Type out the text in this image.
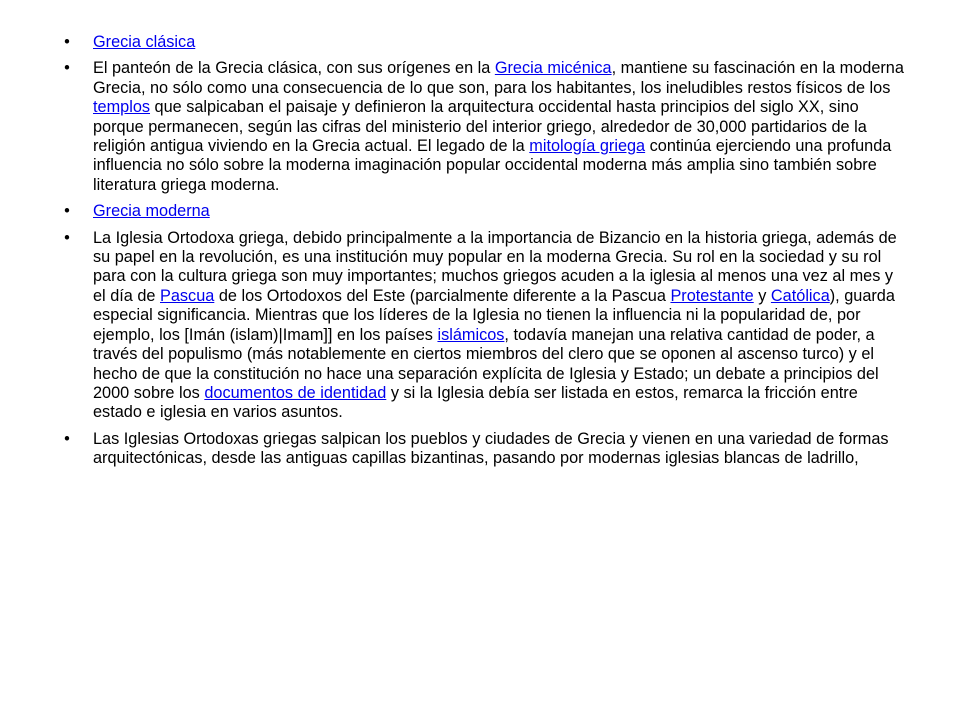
• Grecia clásica
• El panteón de la Grecia clásica, con sus orígenes en la Grecia micénica, mantiene su fascinación en la moderna Grecia, no sólo como una consecuencia de lo que son, para los habitantes, los ineludibles restos físicos de los templos que salpicaban el paisaje y definieron la arquitectura occidental hasta principios del siglo XX, sino porque permanecen, según las cifras del ministerio del interior griego, alrededor de 30,000 partidarios de la religión antigua viviendo en la Grecia actual. El legado de la mitología griega continúa ejerciendo una profunda influencia no sólo sobre la moderna imaginación popular occidental moderna más amplia sino también sobre literatura griega moderna.
• Grecia moderna
• La Iglesia Ortodoxa griega, debido principalmente a la importancia de Bizancio en la historia griega, además de su papel en la revolución, es una institución muy popular en la moderna Grecia. Su rol en la sociedad y su rol para con la cultura griega son muy importantes; muchos griegos acuden a la iglesia al menos una vez al mes y el día de Pascua de los Ortodoxos del Este (parcialmente diferente a la Pascua Protestante y Católica), guarda especial significancia. Mientras que los líderes de la Iglesia no tienen la influencia ni la popularidad de, por ejemplo, los [Imán (islam)|Imam]] en los países islámicos, todavía manejan una relativa cantidad de poder, a través del populismo (más notablemente en ciertos miembros del clero que se oponen al ascenso turco) y el hecho de que la constitución no hace una separación explícita de Iglesia y Estado; un debate a principios del 2000 sobre los documentos de identidad y si la Iglesia debía ser listada en estos, remarca la fricción entre estado e iglesia en varios asuntos.
• Las Iglesias Ortodoxas griegas salpican los pueblos y ciudades de Grecia y vienen en una variedad de formas arquitectónicas, desde las antiguas capillas bizantinas, pasando por modernas iglesias blancas de ladrillo,
